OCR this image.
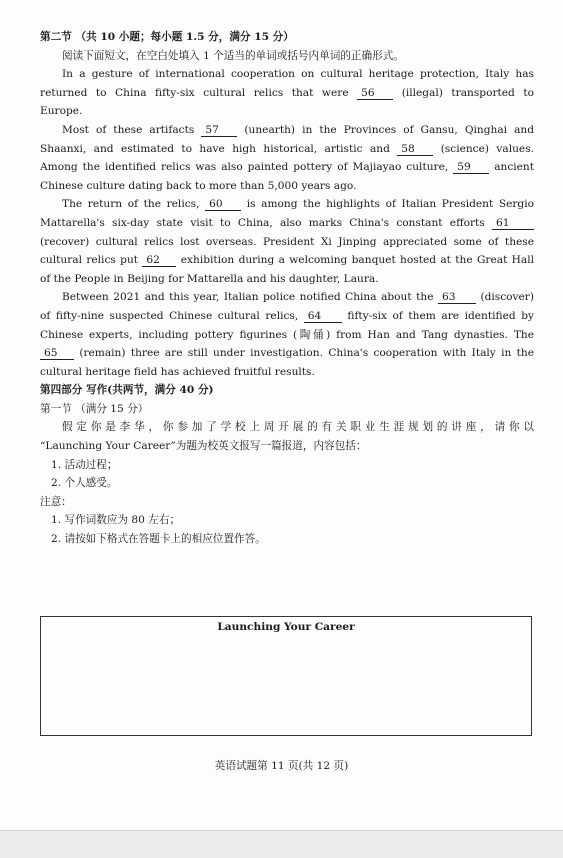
第二节 （共 10 小题；每小题 1.5 分，满分 15 分）
阅读下面短文，在空白处填入 1 个适当的单词或括号内单词的正确形式。
In a gesture of international cooperation on cultural heritage protection, Italy has
returned to China fifty-six cultural relics that were 56	(illegal) transported to
Europe.
Most of these artifacts 57 (unearth) in the Provinces of Gansu, Qinghai and
Shaanxi, and estimated to have high historical, artistic and 58 (science) values.
Among the identified relics was also painted pottery of Majiayao culture, 59 ancient
Chinese culture dating back to more than 5,000 years ago.
The return of the relics, 60 is among the highlights of Italian President Sergio
Mattarella's six-day state visit to China, also marks China's constant efforts 61
(recover) cultural relics lost overseas. President Xi Jinping appreciated some of these
cultural relics put 62 exhibition during a welcoming banquet hosted at the Great Hall
of the People in Beijing for Mattarella and his daughter, Laura.
Between 2021 and this year, Italian police notified China about the 63 (discover)
of fifty-nine suspected Chinese cultural relics, 64 fifty-six of them are identified by
Chinese experts, including pottery figurines (陶俑) from Han and Tang dynasties. The
65 (remain) three are still under investigation. China's cooperation with Italy in the
cultural heritage field has achieved fruitful results.
第四部分 写作(共两节，满分 40 分)
第一节 （满分 15 分）
假定你是李华，你参加了学校上周开展的有关职业生涯规划的讲座，请你以
“Launching Your Career”为题为校英文报写一篇报道，内容包括：
1. 活动过程；
2. 个人感受。
注意：
1. 写作词数应为 80 左右；
2. 请按如下格式在答题卡上的相应位置作答。
Launching Your Career
英语试题第 11 页(共 12 页)
